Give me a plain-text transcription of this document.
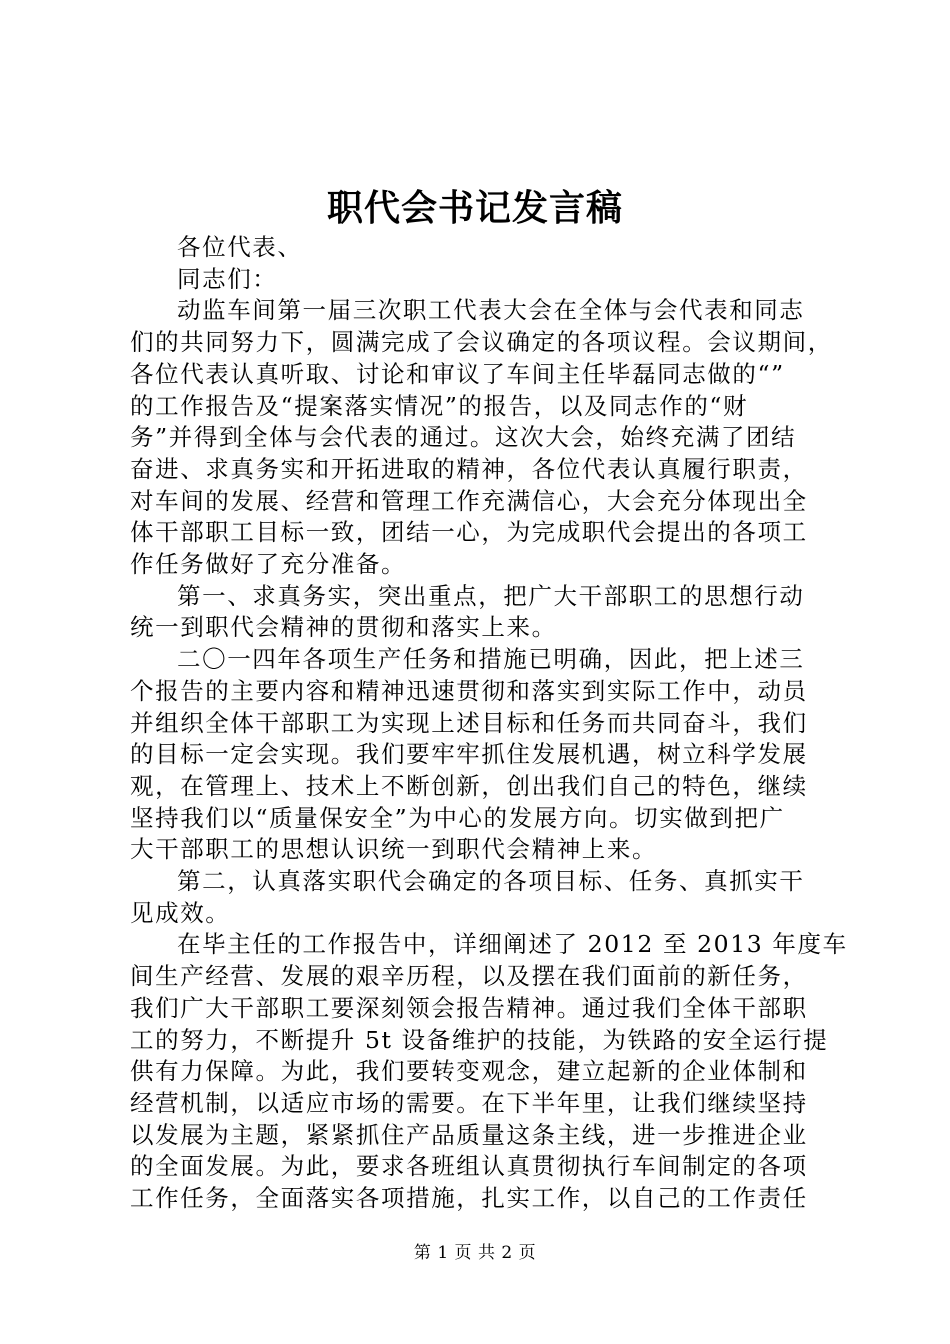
职代会书记发言稿

各位代表、

同志们：

动监车间第一届三次职工代表大会在全体与会代表和同志
们的共同努力下，圆满完成了会议确定的各项议程。会议期间，
各位代表认真听取、讨论和审议了车间主任毕磊同志做的“”
的工作报告及“提案落实情况”的报告，以及同志作的“财
务”并得到全体与会代表的通过。这次大会，始终充满了团结
奋进、求真务实和开拓进取的精神，各位代表认真履行职责，
对车间的发展、经营和管理工作充满信心，大会充分体现出全
体干部职工目标一致，团结一心，为完成职代会提出的各项工
作任务做好了充分准备。

第一、求真务实，突出重点，把广大干部职工的思想行动
统一到职代会精神的贯彻和落实上来。

二〇一四年各项生产任务和措施已明确，因此，把上述三
个报告的主要内容和精神迅速贯彻和落实到实际工作中，动员
并组织全体干部职工为实现上述目标和任务而共同奋斗，我们
的目标一定会实现。我们要牢牢抓住发展机遇，树立科学发展
观，在管理上、技术上不断创新，创出我们自己的特色，继续
坚持我们以“质量保安全”为中心的发展方向。切实做到把广
大干部职工的思想认识统一到职代会精神上来。

第二，认真落实职代会确定的各项目标、任务、真抓实干
见成效。

在毕主任的工作报告中，详细阐述了 2012 至 2013 年度车
间生产经营、发展的艰辛历程，以及摆在我们面前的新任务，
我们广大干部职工要深刻领会报告精神。通过我们全体干部职
工的努力，不断提升 5t 设备维护的技能，为铁路的安全运行提
供有力保障。为此，我们要转变观念，建立起新的企业体制和
经营机制，以适应市场的需要。在下半年里，让我们继续坚持
以发展为主题，紧紧抓住产品质量这条主线，进一步推进企业
的全面发展。为此，要求各班组认真贯彻执行车间制定的各项
工作任务，全面落实各项措施，扎实工作，以自己的工作责任

第 1 页 共 2 页
